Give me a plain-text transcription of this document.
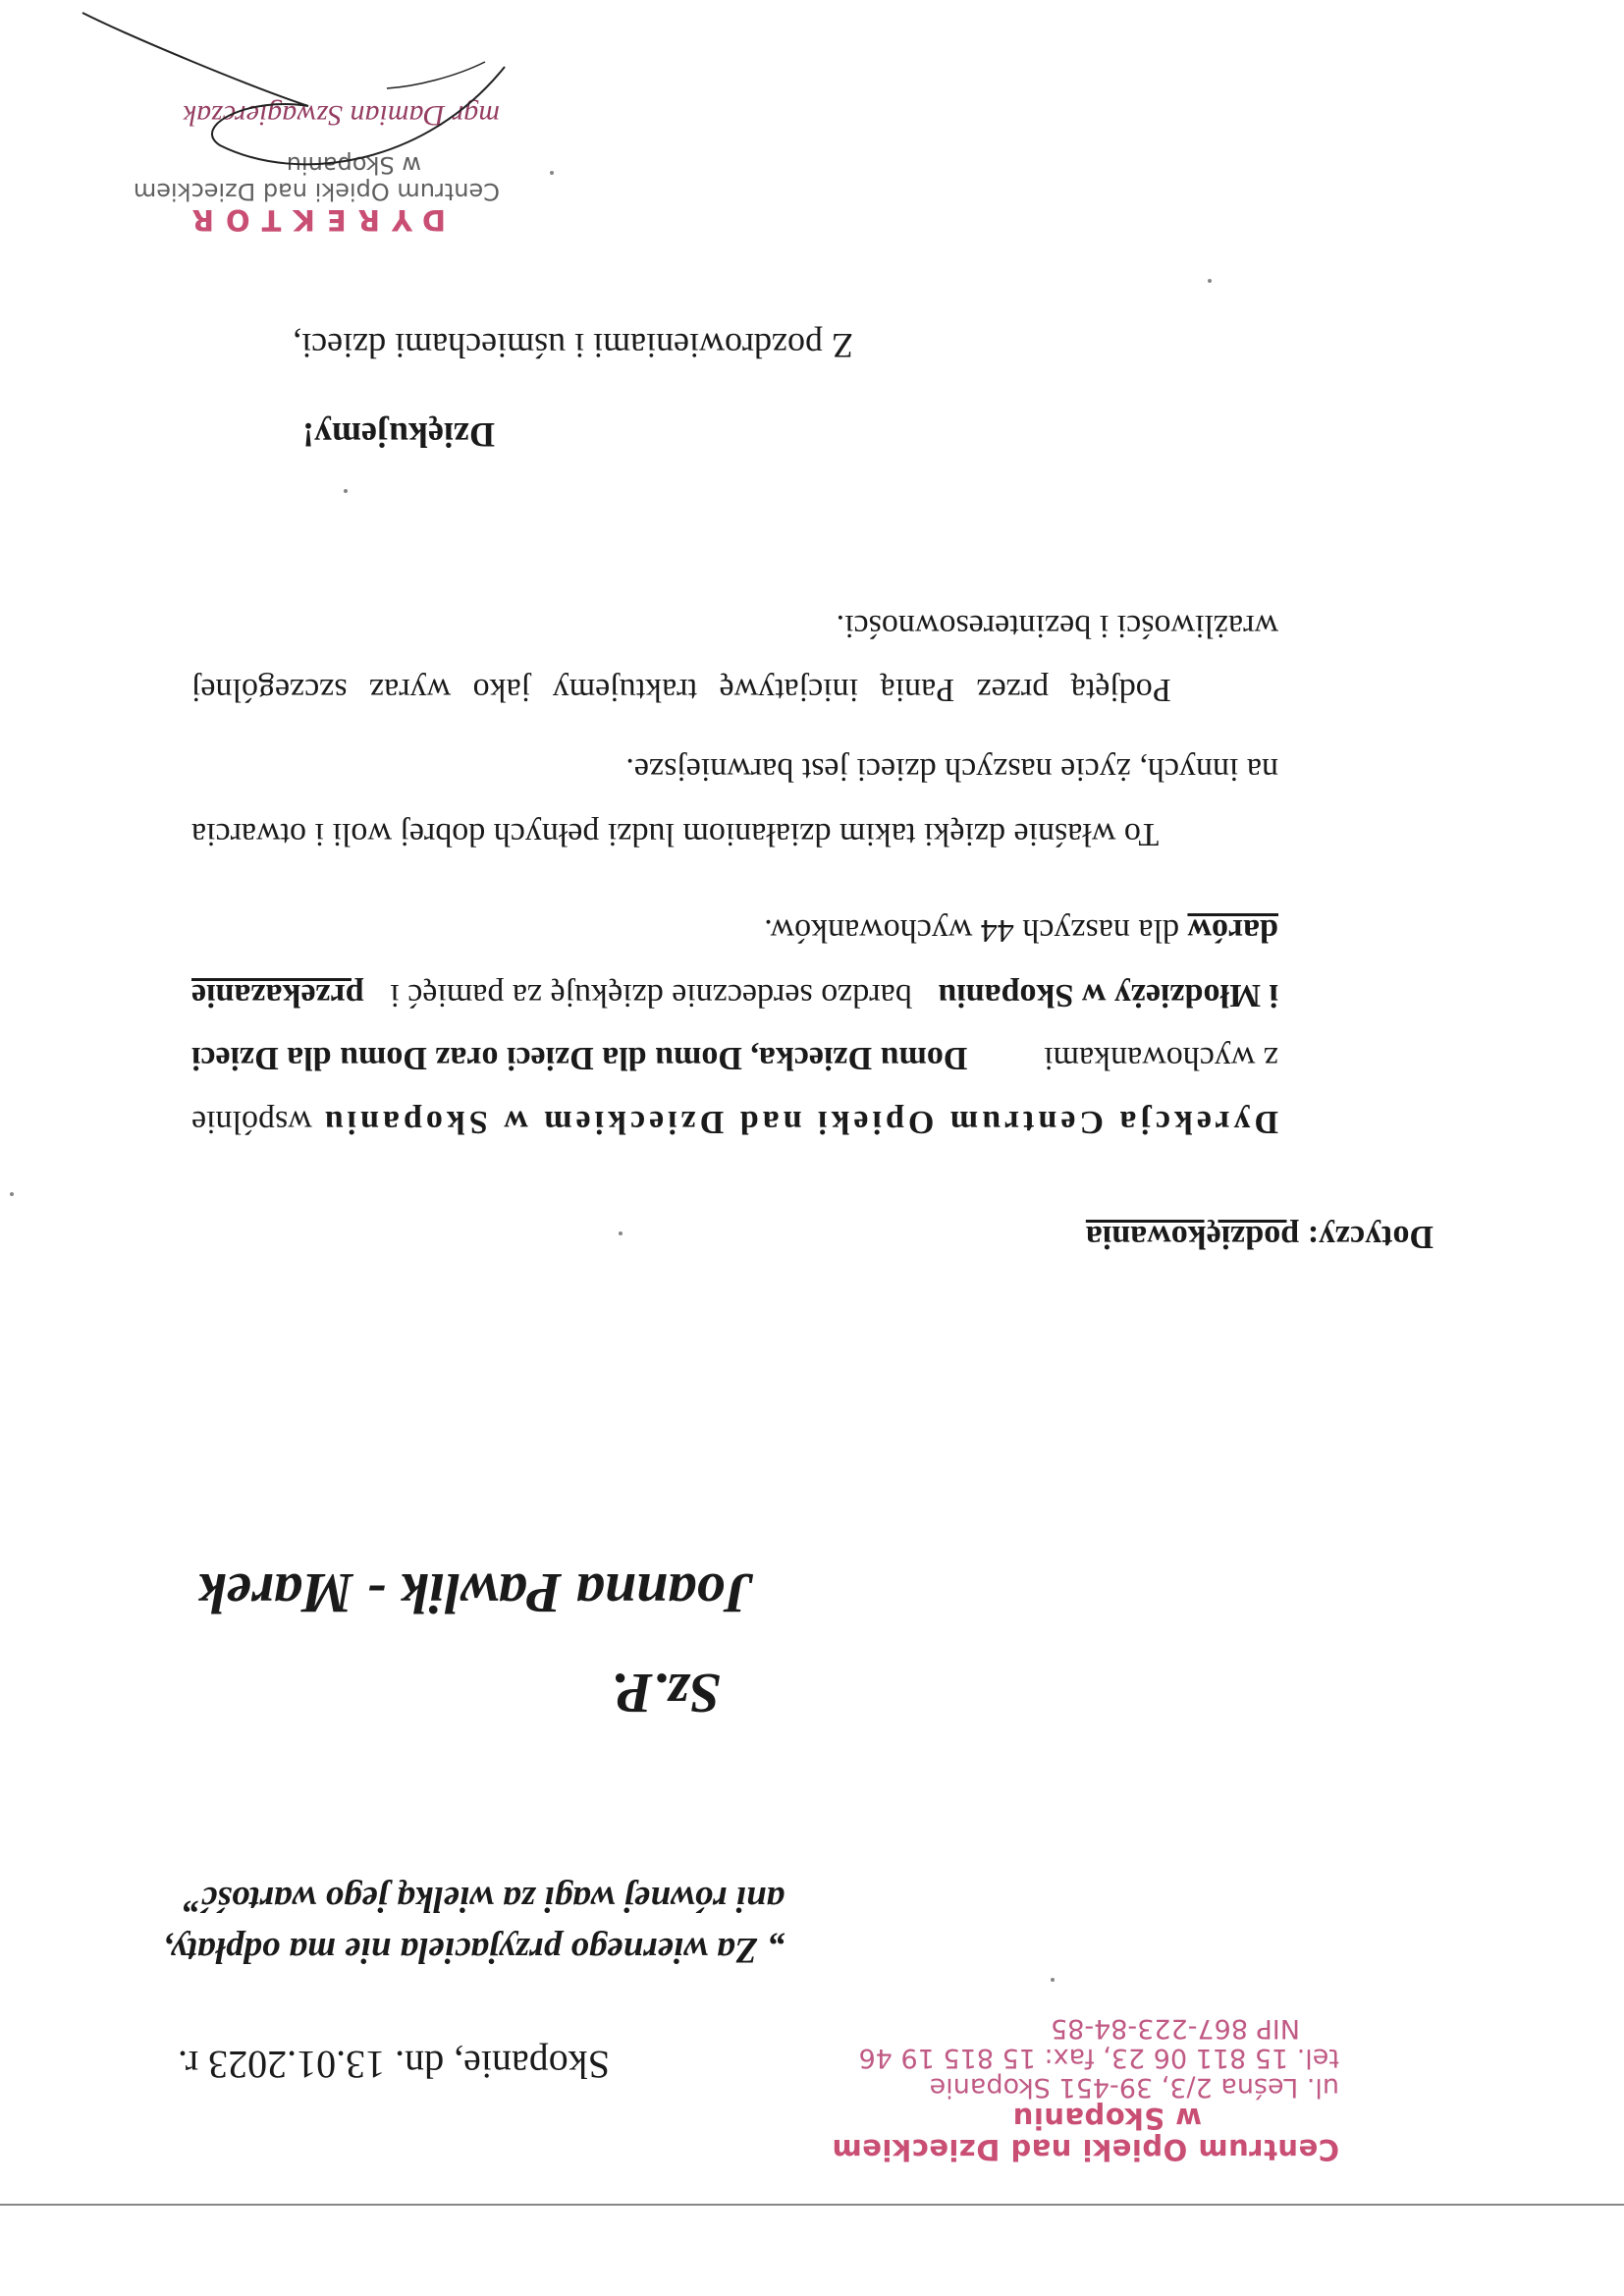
Centrum Opieki nad Dzieckiem
w Skopaniu
ul. Leśna 2/3, 39-451 Skopanie
tel. 15 811 06 23, fax: 15 815 19 46
NIP 867-223-84-85
Skopanie, dn. 13.01.2023 r.
„ Za wiernego przyjaciela nie ma odpłaty,
ani równej wagi za wielką jego wartość”
Sz.P.
Joanna Pawlik - Marek
Dotyczy: podziękowania
Dyrekcja Centrum Opieki nad Dzieckiem w Skopaniu
wspólnie
z wychowankami
Domu Dziecka, Domu dla Dzieci oraz Domu dla Dzieci
i Młodzieży w Skopaniu
bardzo serdecznie dziękuję za pamięć i
przekazanie
darów dla naszych 44 wychowanków.
To właśnie dzięki takim działaniom ludzi pełnych dobrej woli i otwarcia
na innych, życie naszych dzieci jest barwniejsze.
Podjętą przez Panią inicjatywę traktujemy jako wyraz szczególnej
wrażliwości i bezinteresowności.
Dziękujemy!
Z pozdrowieniami i uśmiechami dzieci,
DYREKTOR
Centrum Opieki nad Dzieckiem
w Skopaniu
mgr Damian Szwagierczak
